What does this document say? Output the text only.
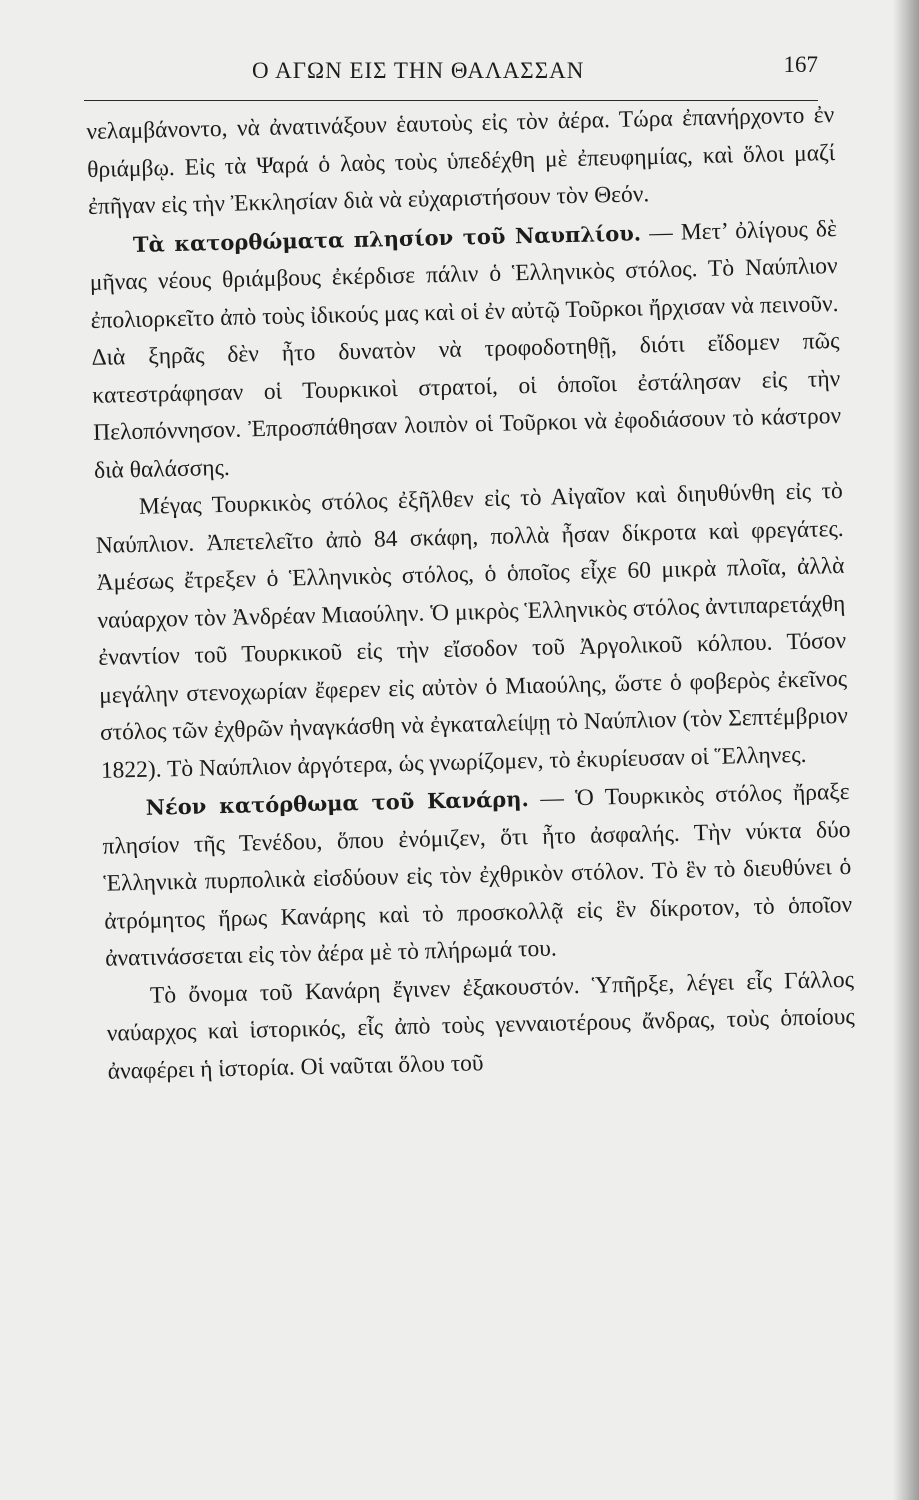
Ο ΑΓΩΝ ΕΙΣ ΤΗΝ ΘΑΛΑΣΣΑΝ	167

νελαμβάνοντο, νὰ ἀνατινάξουν ἑαυτοὺς εἰς τὸν ἀέρα. Τώρα ἐπανήρχοντο ἐν θριάμβῳ. Εἰς τὰ Ψαρά ὁ λαὸς τοὺς ὑπεδέχθη μὲ ἐπευφημίας, καὶ ὅλοι μαζί ἐπῆγαν εἰς τὴν Ἐκκλησίαν διὰ νὰ εὐχαριστήσουν τὸν Θεόν.

Τὰ κατορθώματα πλησίον τοῦ Ναυπλίου. — Μετ’ ὀλίγους δὲ μῆνας νέους θριάμβους ἐκέρδισε πάλιν ὁ Ἑλληνικὸς στόλος. Τὸ Ναύπλιον ἐπολιορκεῖτο ἀπὸ τοὺς ἰδικούς μας καὶ οἱ ἐν αὐτῷ Τοῦρκοι ἤρχισαν νὰ πεινοῦν. Διὰ ξηρᾶς δὲν ἦτο δυνατὸν νὰ τροφοδοτηθῇ, διότι εἴδομεν πῶς κατεστράφησαν οἱ Τουρκικοὶ στρατοί, οἱ ὁποῖοι ἐστάλησαν εἰς τὴν Πελοπόννησον. Ἐπροσπάθησαν λοιπὸν οἱ Τοῦρκοι νὰ ἐφοδιάσουν τὸ κάστρον διὰ θαλάσσης.

Μέγας Τουρκικὸς στόλος ἐξῆλθεν εἰς τὸ Αἰγαῖον καὶ διηυθύνθη εἰς τὸ Ναύπλιον. Ἀπετελεῖτο ἀπὸ 84 σκάφη, πολλὰ ἦσαν δίκροτα καὶ φρεγάτες. Ἀμέσως ἔτρεξεν ὁ Ἑλληνικὸς στόλος, ὁ ὁποῖος εἶχε 60 μικρὰ πλοῖα, ἀλλὰ ναύαρχον τὸν Ἀνδρέαν Μιαούλην. Ὁ μικρὸς Ἑλληνικὸς στόλος ἀντιπαρετάχθη ἐναντίον τοῦ Τουρκικοῦ εἰς τὴν εἴσοδον τοῦ Ἀργολικοῦ κόλπου. Τόσον μεγάλην στενοχωρίαν ἔφερεν εἰς αὐτὸν ὁ Μιαούλης, ὥστε ὁ φοβερὸς ἐκεῖνος στόλος τῶν ἐχθρῶν ἠναγκάσθη νὰ ἐγκαταλείψῃ τὸ Ναύπλιον (τὸν Σεπτέμβριον 1822). Τὸ Ναύπλιον ἀργότερα, ὡς γνωρίζομεν, τὸ ἐκυρίευσαν οἱ Ἕλληνες.

Νέον κατόρθωμα τοῦ Κανάρη. — Ὁ Τουρκικὸς στόλος ἤραξε πλησίον τῆς Τενέδου, ὅπου ἐνόμιζεν, ὅτι ἦτο ἀσφαλής. Τὴν νύκτα δύο Ἑλληνικὰ πυρπολικὰ εἰσδύουν εἰς τὸν ἐχθρικὸν στόλον. Τὸ ἓν τὸ διευθύνει ὁ ἀτρόμητος ἥρως Κανάρης καὶ τὸ προσκολλᾷ εἰς ἓν δίκροτον, τὸ ὁποῖον ἀνατινάσσεται εἰς τὸν ἀέρα μὲ τὸ πλήρωμά του.

Τὸ ὄνομα τοῦ Κανάρη ἔγινεν ἐξακουστόν. Ὑπῆρξε, λέγει εἷς Γάλλος ναύαρχος καὶ ἱστορικός, εἷς ἀπὸ τοὺς γενναιοτέρους ἄνδρας, τοὺς ὁποίους ἀναφέρει ἡ ἱστορία. Οἱ ναῦται ὅλου τοῦ
